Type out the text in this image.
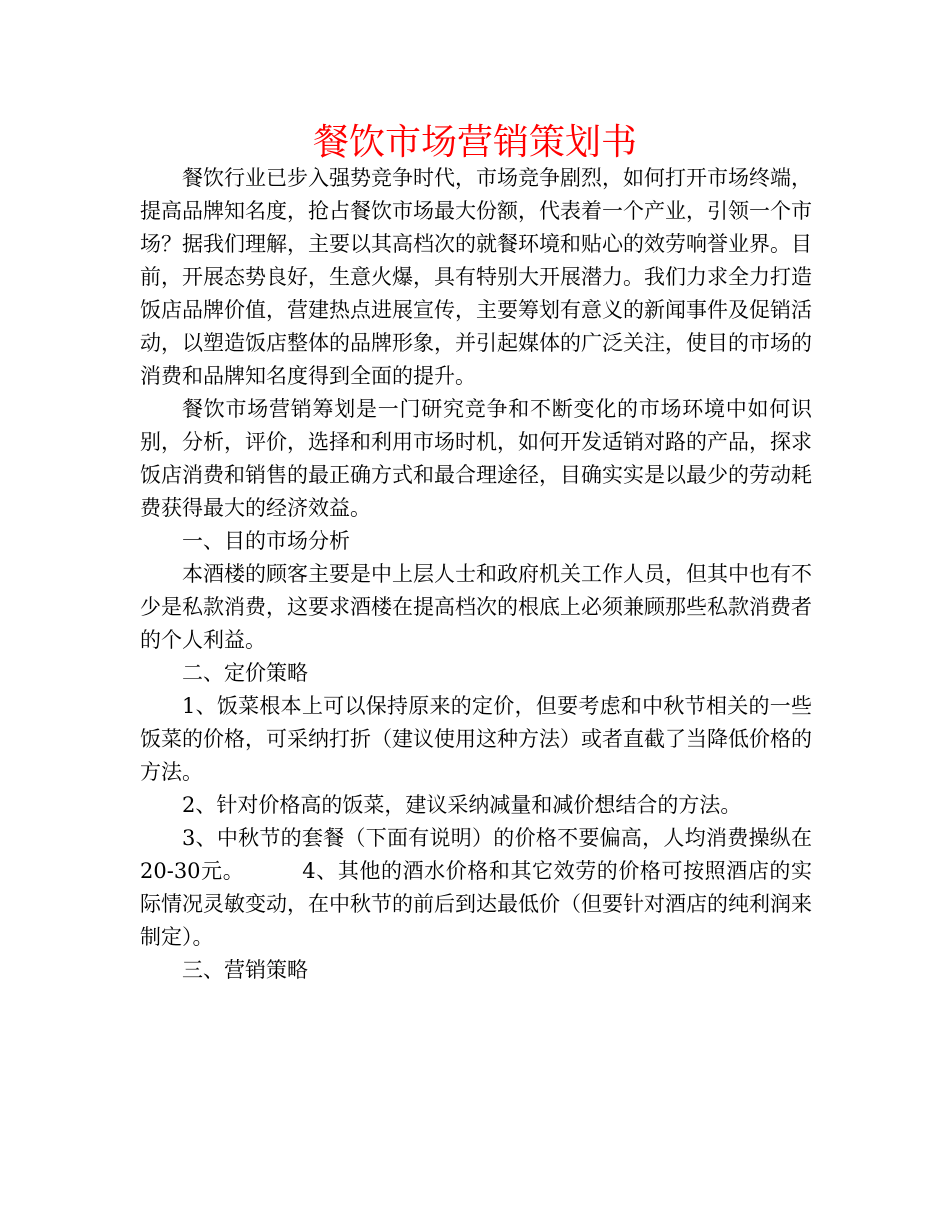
餐饮市场营销策划书

餐饮行业已步入强势竞争时代，市场竞争剧烈，如何打开市场终端，提高品牌知名度，抢占餐饮市场最大份额，代表着一个产业，引领一个市场？据我们理解，主要以其高档次的就餐环境和贴心的效劳响誉业界。目前，开展态势良好，生意火爆，具有特别大开展潜力。我们力求全力打造饭店品牌价值，营建热点进展宣传，主要筹划有意义的新闻事件及促销活动，以塑造饭店整体的品牌形象，并引起媒体的广泛关注，使目的市场的消费和品牌知名度得到全面的提升。

餐饮市场营销筹划是一门研究竞争和不断变化的市场环境中如何识别，分析，评价，选择和利用市场时机，如何开发适销对路的产品，探求饭店消费和销售的最正确方式和最合理途径，目确实实是以最少的劳动耗费获得最大的经济效益。

一、目的市场分析

本酒楼的顾客主要是中上层人士和政府机关工作人员，但其中也有不少是私款消费，这要求酒楼在提高档次的根底上必须兼顾那些私款消费者的个人利益。

二、定价策略

1、饭菜根本上可以保持原来的定价，但要考虑和中秋节相关的一些饭菜的价格，可采纳打折（建议使用这种方法）或者直截了当降低价格的方法。

2、针对价格高的饭菜，建议采纳减量和减价想结合的方法。

3、中秋节的套餐（下面有说明）的价格不要偏高，人均消费操纵在20-30元。        4、其他的酒水价格和其它效劳的价格可按照酒店的实际情况灵敏变动，在中秋节的前后到达最低价（但要针对酒店的纯利润来制定）。

三、营销策略
